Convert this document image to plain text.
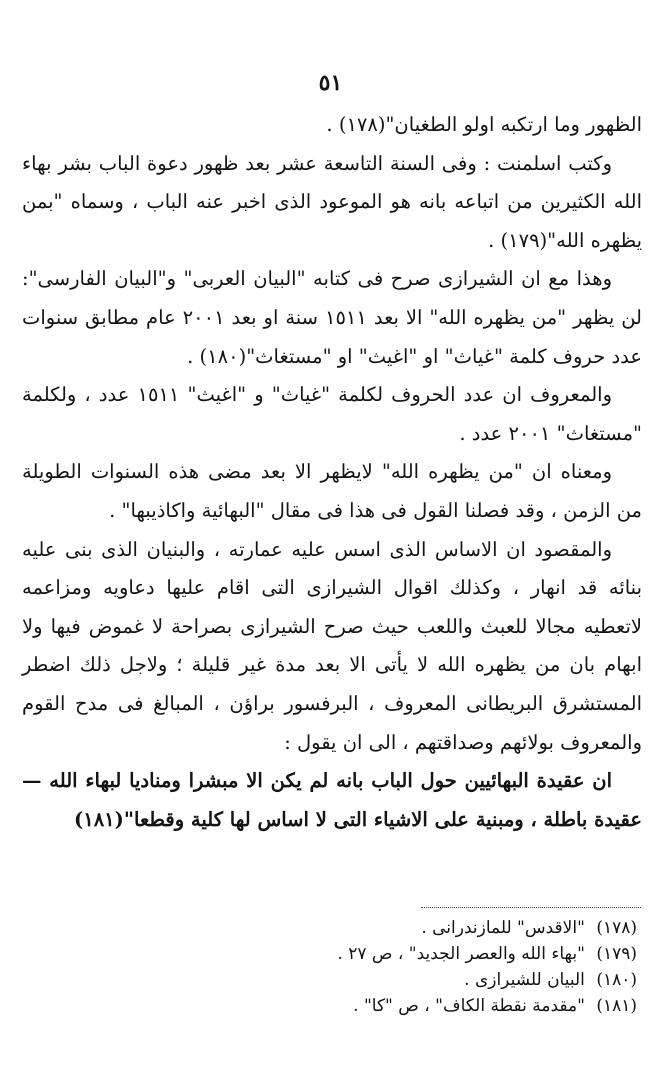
٥١

الظهور وما ارتكبه اولو الطغيان"(١٧٨) .

وكتب اسلمنت : وفى السنة التاسعة عشر بعد ظهور دعوة الباب بشر بهاء الله الكثيرين من اتباعه بانه هو الموعود الذى اخبر عنه الباب ، وسماه "بمن يظهره الله"(١٧٩) .

وهذا مع ان الشيرازى صرح فى كتابه "البيان العربى" و"البيان الفارسى": لن يظهر "من يظهره الله" الا بعد ١٥١١ سنة او بعد ٢٠٠١ عام مطابق سنوات عدد حروف كلمة "غياث" او "اغيث" او "مستغاث"(١٨٠) .

والمعروف ان عدد الحروف لكلمة "غياث" و "اغيث" ١٥١١ عدد ، ولكلمة "مستغاث" ٢٠٠١ عدد .

ومعناه ان "من يظهره الله" لايظهر الا بعد مضى هذه السنوات الطويلة من الزمن ، وقد فصلنا القول فى هذا فى مقال "البهائية واكاذيبها" .

والمقصود ان الاساس الذى اسس عليه عمارته ، والبنيان الذى بنى عليه بنائه قد انهار ، وكذلك اقوال الشيرازى التى اقام عليها دعاويه ومزاعمه لاتعطيه مجالا للعبث واللعب حيث صرح الشيرازى بصراحة لا غموض فيها ولا ابهام بان من يظهره الله لا يأتى الا بعد مدة غير قليلة ؛ ولاجل ذلك اضطر المستشرق البريطانى المعروف ، البرفسور براؤن ، المبالغ فى مدح القوم والمعروف بولائهم وصداقتهم ، الى ان يقول :

ان عقيدة البهائيين حول الباب بانه لم يكن الا مبشرا ومناديا لبهاء الله — عقيدة باطلة ، ومبنية على الاشياء التى لا اساس لها كلية وقطعا"(١٨١)

(١٧٨) "الاقدس" للمازندرانى .
(١٧٩) "بهاء الله والعصر الجديد" ، ص ٢٧ .
(١٨٠) البيان للشيرازى .
(١٨١) "مقدمة نقطة الكاف" ، ص "كا" .
